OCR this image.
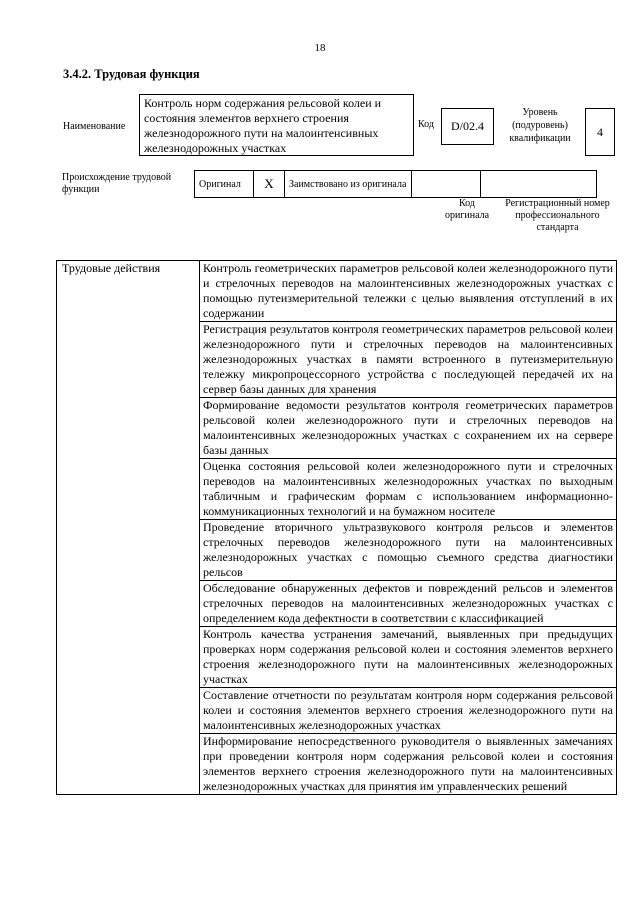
18
3.4.2. Трудовая функция
Наименование
Контроль норм содержания рельсовой колеи и состояния элементов верхнего строения железнодорожного пути на малоинтенсивных железнодорожных участках
Код	D/02.4
Уровень (подуровень) квалификации	4
Происхождение трудовой функции	Оригинал	X	Заимствовано из оригинала		
Код оригинала
Регистрационный номер профессионального стандарта
Трудовые действия	Контроль геометрических параметров рельсовой колеи железнодорожного пути и стрелочных переводов на малоинтенсивных железнодорожных участках с помощью путеизмерительной тележки с целью выявления отступлений в их содержании
Регистрация результатов контроля геометрических параметров рельсовой колеи железнодорожного пути и стрелочных переводов на малоинтенсивных железнодорожных участках в памяти встроенного в путеизмерительную тележку микропроцессорного устройства с последующей передачей их на сервер базы данных для хранения
Формирование ведомости результатов контроля геометрических параметров рельсовой колеи железнодорожного пути и стрелочных переводов на малоинтенсивных железнодорожных участках с сохранением их на сервере базы данных
Оценка состояния рельсовой колеи железнодорожного пути и стрелочных переводов на малоинтенсивных железнодорожных участках по выходным табличным и графическим формам с использованием информационно-коммуникационных технологий и на бумажном носителе
Проведение вторичного ультразвукового контроля рельсов и элементов стрелочных переводов железнодорожного пути на малоинтенсивных железнодорожных участках с помощью съемного средства диагностики рельсов
Обследование обнаруженных дефектов и повреждений рельсов и элементов стрелочных переводов на малоинтенсивных железнодорожных участках с определением кода дефектности в соответствии с классификацией
Контроль качества устранения замечаний, выявленных при предыдущих проверках норм содержания рельсовой колеи и состояния элементов верхнего строения железнодорожного пути на малоинтенсивных железнодорожных участках
Составление отчетности по результатам контроля норм содержания рельсовой колеи и состояния элементов верхнего строения железнодорожного пути на малоинтенсивных железнодорожных участках
Информирование непосредственного руководителя о выявленных замечаниях при проведении контроля норм содержания рельсовой колеи и состояния элементов верхнего строения железнодорожного пути на малоинтенсивных железнодорожных участках для принятия им управленческих решений
